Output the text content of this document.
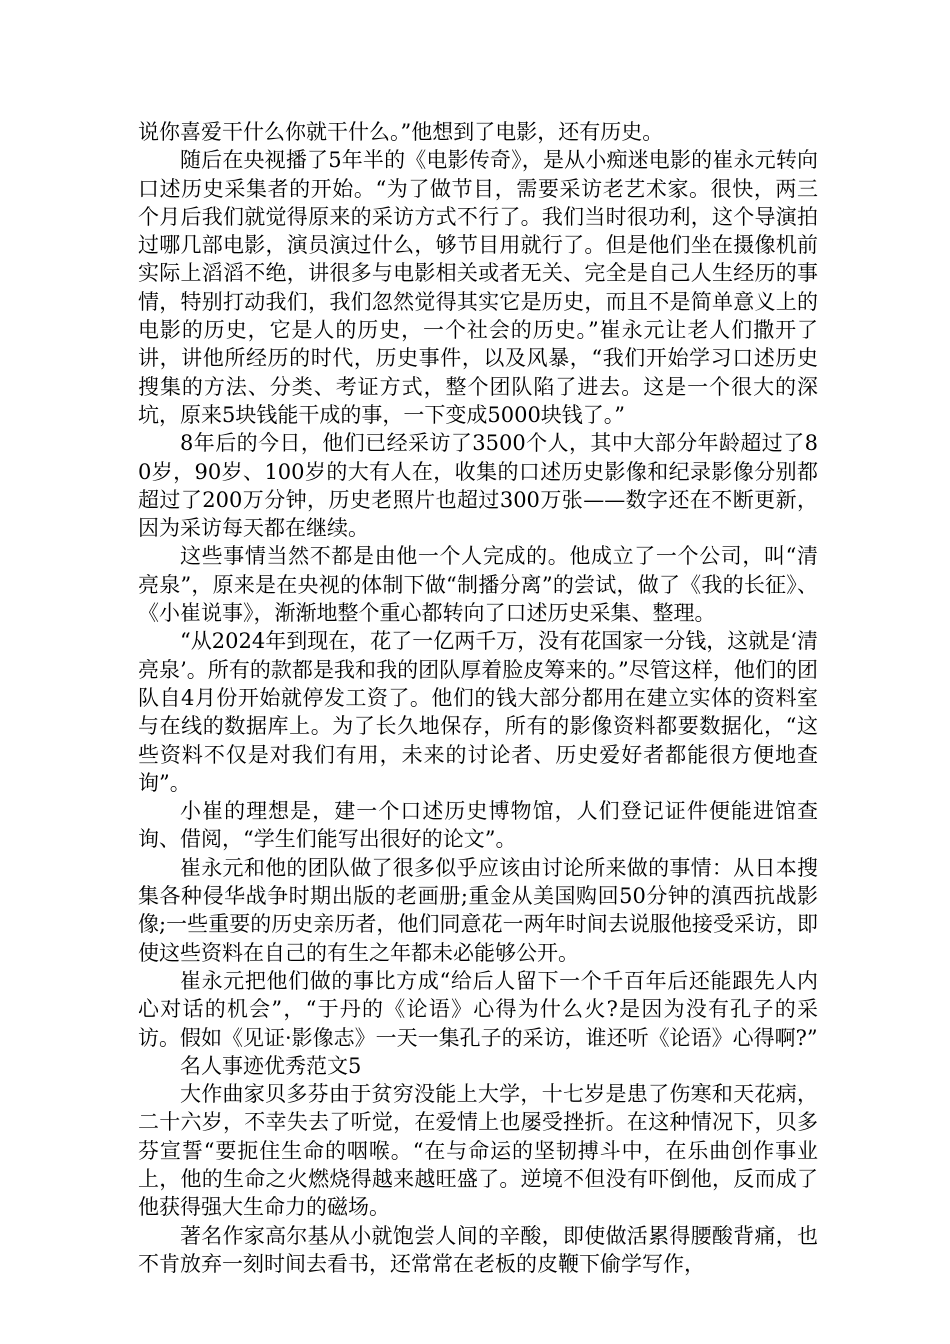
说你喜爱干什么你就干什么。”他想到了电影，还有历史。

随后在央视播了5年半的《电影传奇》，是从小痴迷电影的崔永元转向口述历史采集者的开始。“为了做节目，需要采访老艺术家。很快，两三个月后我们就觉得原来的采访方式不行了。我们当时很功利，这个导演拍过哪几部电影，演员演过什么，够节目用就行了。但是他们坐在摄像机前实际上滔滔不绝，讲很多与电影相关或者无关、完全是自己人生经历的事情，特别打动我们，我们忽然觉得其实它是历史，而且不是简单意义上的电影的历史，它是人的历史，一个社会的历史。”崔永元让老人们撒开了讲，讲他所经历的时代，历史事件，以及风暴，“我们开始学习口述历史搜集的方法、分类、考证方式，整个团队陷了进去。这是一个很大的深坑，原来5块钱能干成的事，一下变成5000块钱了。”

8年后的今日，他们已经采访了3500个人，其中大部分年龄超过了80岁，90岁、100岁的大有人在，收集的口述历史影像和纪录影像分别都超过了200万分钟，历史老照片也超过300万张——数字还在不断更新，因为采访每天都在继续。

这些事情当然不都是由他一个人完成的。他成立了一个公司，叫“清亮泉”，原来是在央视的体制下做“制播分离”的尝试，做了《我的长征》、《小崔说事》，渐渐地整个重心都转向了口述历史采集、整理。

“从2024年到现在，花了一亿两千万，没有花国家一分钱，这就是‘清亮泉’。所有的款都是我和我的团队厚着脸皮筹来的。”尽管这样，他们的团队自4月份开始就停发工资了。他们的钱大部分都用在建立实体的资料室与在线的数据库上。为了长久地保存，所有的影像资料都要数据化，“这些资料不仅是对我们有用，未来的讨论者、历史爱好者都能很方便地查询”。

小崔的理想是，建一个口述历史博物馆，人们登记证件便能进馆查询、借阅，“学生们能写出很好的论文”。

崔永元和他的团队做了很多似乎应该由讨论所来做的事情：从日本搜集各种侵华战争时期出版的老画册;重金从美国购回50分钟的滇西抗战影像;一些重要的历史亲历者，他们同意花一两年时间去说服他接受采访，即使这些资料在自己的有生之年都未必能够公开。

崔永元把他们做的事比方成“给后人留下一个千百年后还能跟先人内心对话的机会”，“于丹的《论语》心得为什么火?是因为没有孔子的采访。假如《见证·影像志》一天一集孔子的采访，谁还听《论语》心得啊?”

名人事迹优秀范文5

大作曲家贝多芬由于贫穷没能上大学，十七岁是患了伤寒和天花病，二十六岁，不幸失去了听觉，在爱情上也屡受挫折。在这种情况下，贝多芬宣誓“要扼住生命的咽喉。“在与命运的坚韧搏斗中，在乐曲创作事业上，他的生命之火燃烧得越来越旺盛了。逆境不但没有吓倒他，反而成了他获得强大生命力的磁场。

著名作家高尔基从小就饱尝人间的辛酸，即使做活累得腰酸背痛，也不肯放弃一刻时间去看书，还常常在老板的皮鞭下偷学写作，
